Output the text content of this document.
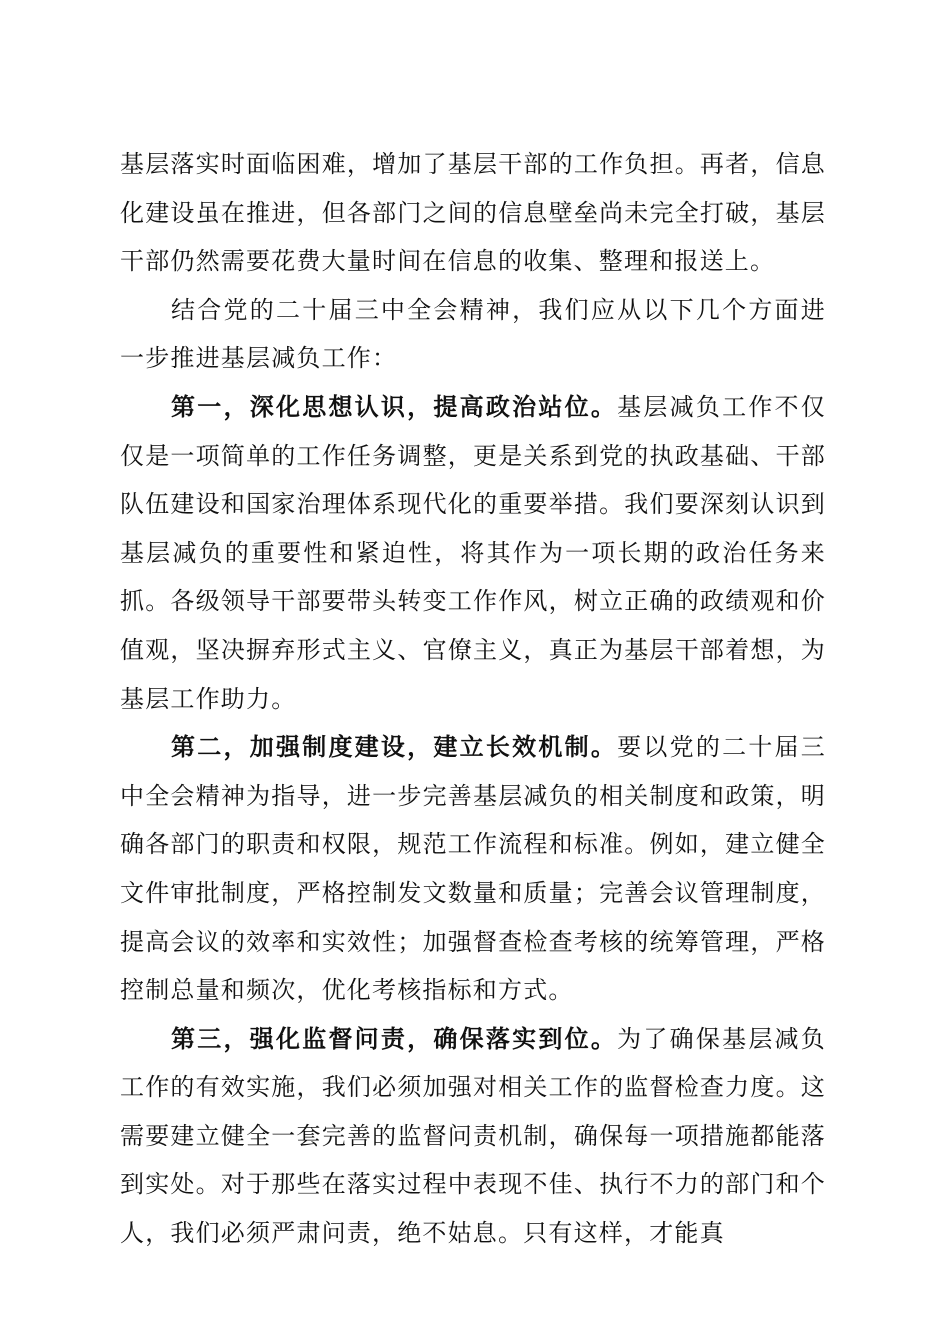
基层落实时面临困难，增加了基层干部的工作负担。再者，信息化建设虽在推进，但各部门之间的信息壁垒尚未完全打破，基层干部仍然需要花费大量时间在信息的收集、整理和报送上。

结合党的二十届三中全会精神，我们应从以下几个方面进一步推进基层减负工作：

第一，深化思想认识，提高政治站位。基层减负工作不仅仅是一项简单的工作任务调整，更是关系到党的执政基础、干部队伍建设和国家治理体系现代化的重要举措。我们要深刻认识到基层减负的重要性和紧迫性，将其作为一项长期的政治任务来抓。各级领导干部要带头转变工作作风，树立正确的政绩观和价值观，坚决摒弃形式主义、官僚主义，真正为基层干部着想，为基层工作助力。

第二，加强制度建设，建立长效机制。要以党的二十届三中全会精神为指导，进一步完善基层减负的相关制度和政策，明确各部门的职责和权限，规范工作流程和标准。例如，建立健全文件审批制度，严格控制发文数量和质量；完善会议管理制度，提高会议的效率和实效性；加强督查检查考核的统筹管理，严格控制总量和频次，优化考核指标和方式。

第三，强化监督问责，确保落实到位。为了确保基层减负工作的有效实施，我们必须加强对相关工作的监督检查力度。这需要建立健全一套完善的监督问责机制，确保每一项措施都能落到实处。对于那些在落实过程中表现不佳、执行不力的部门和个人，我们必须严肃问责，绝不姑息。只有这样，才能真
